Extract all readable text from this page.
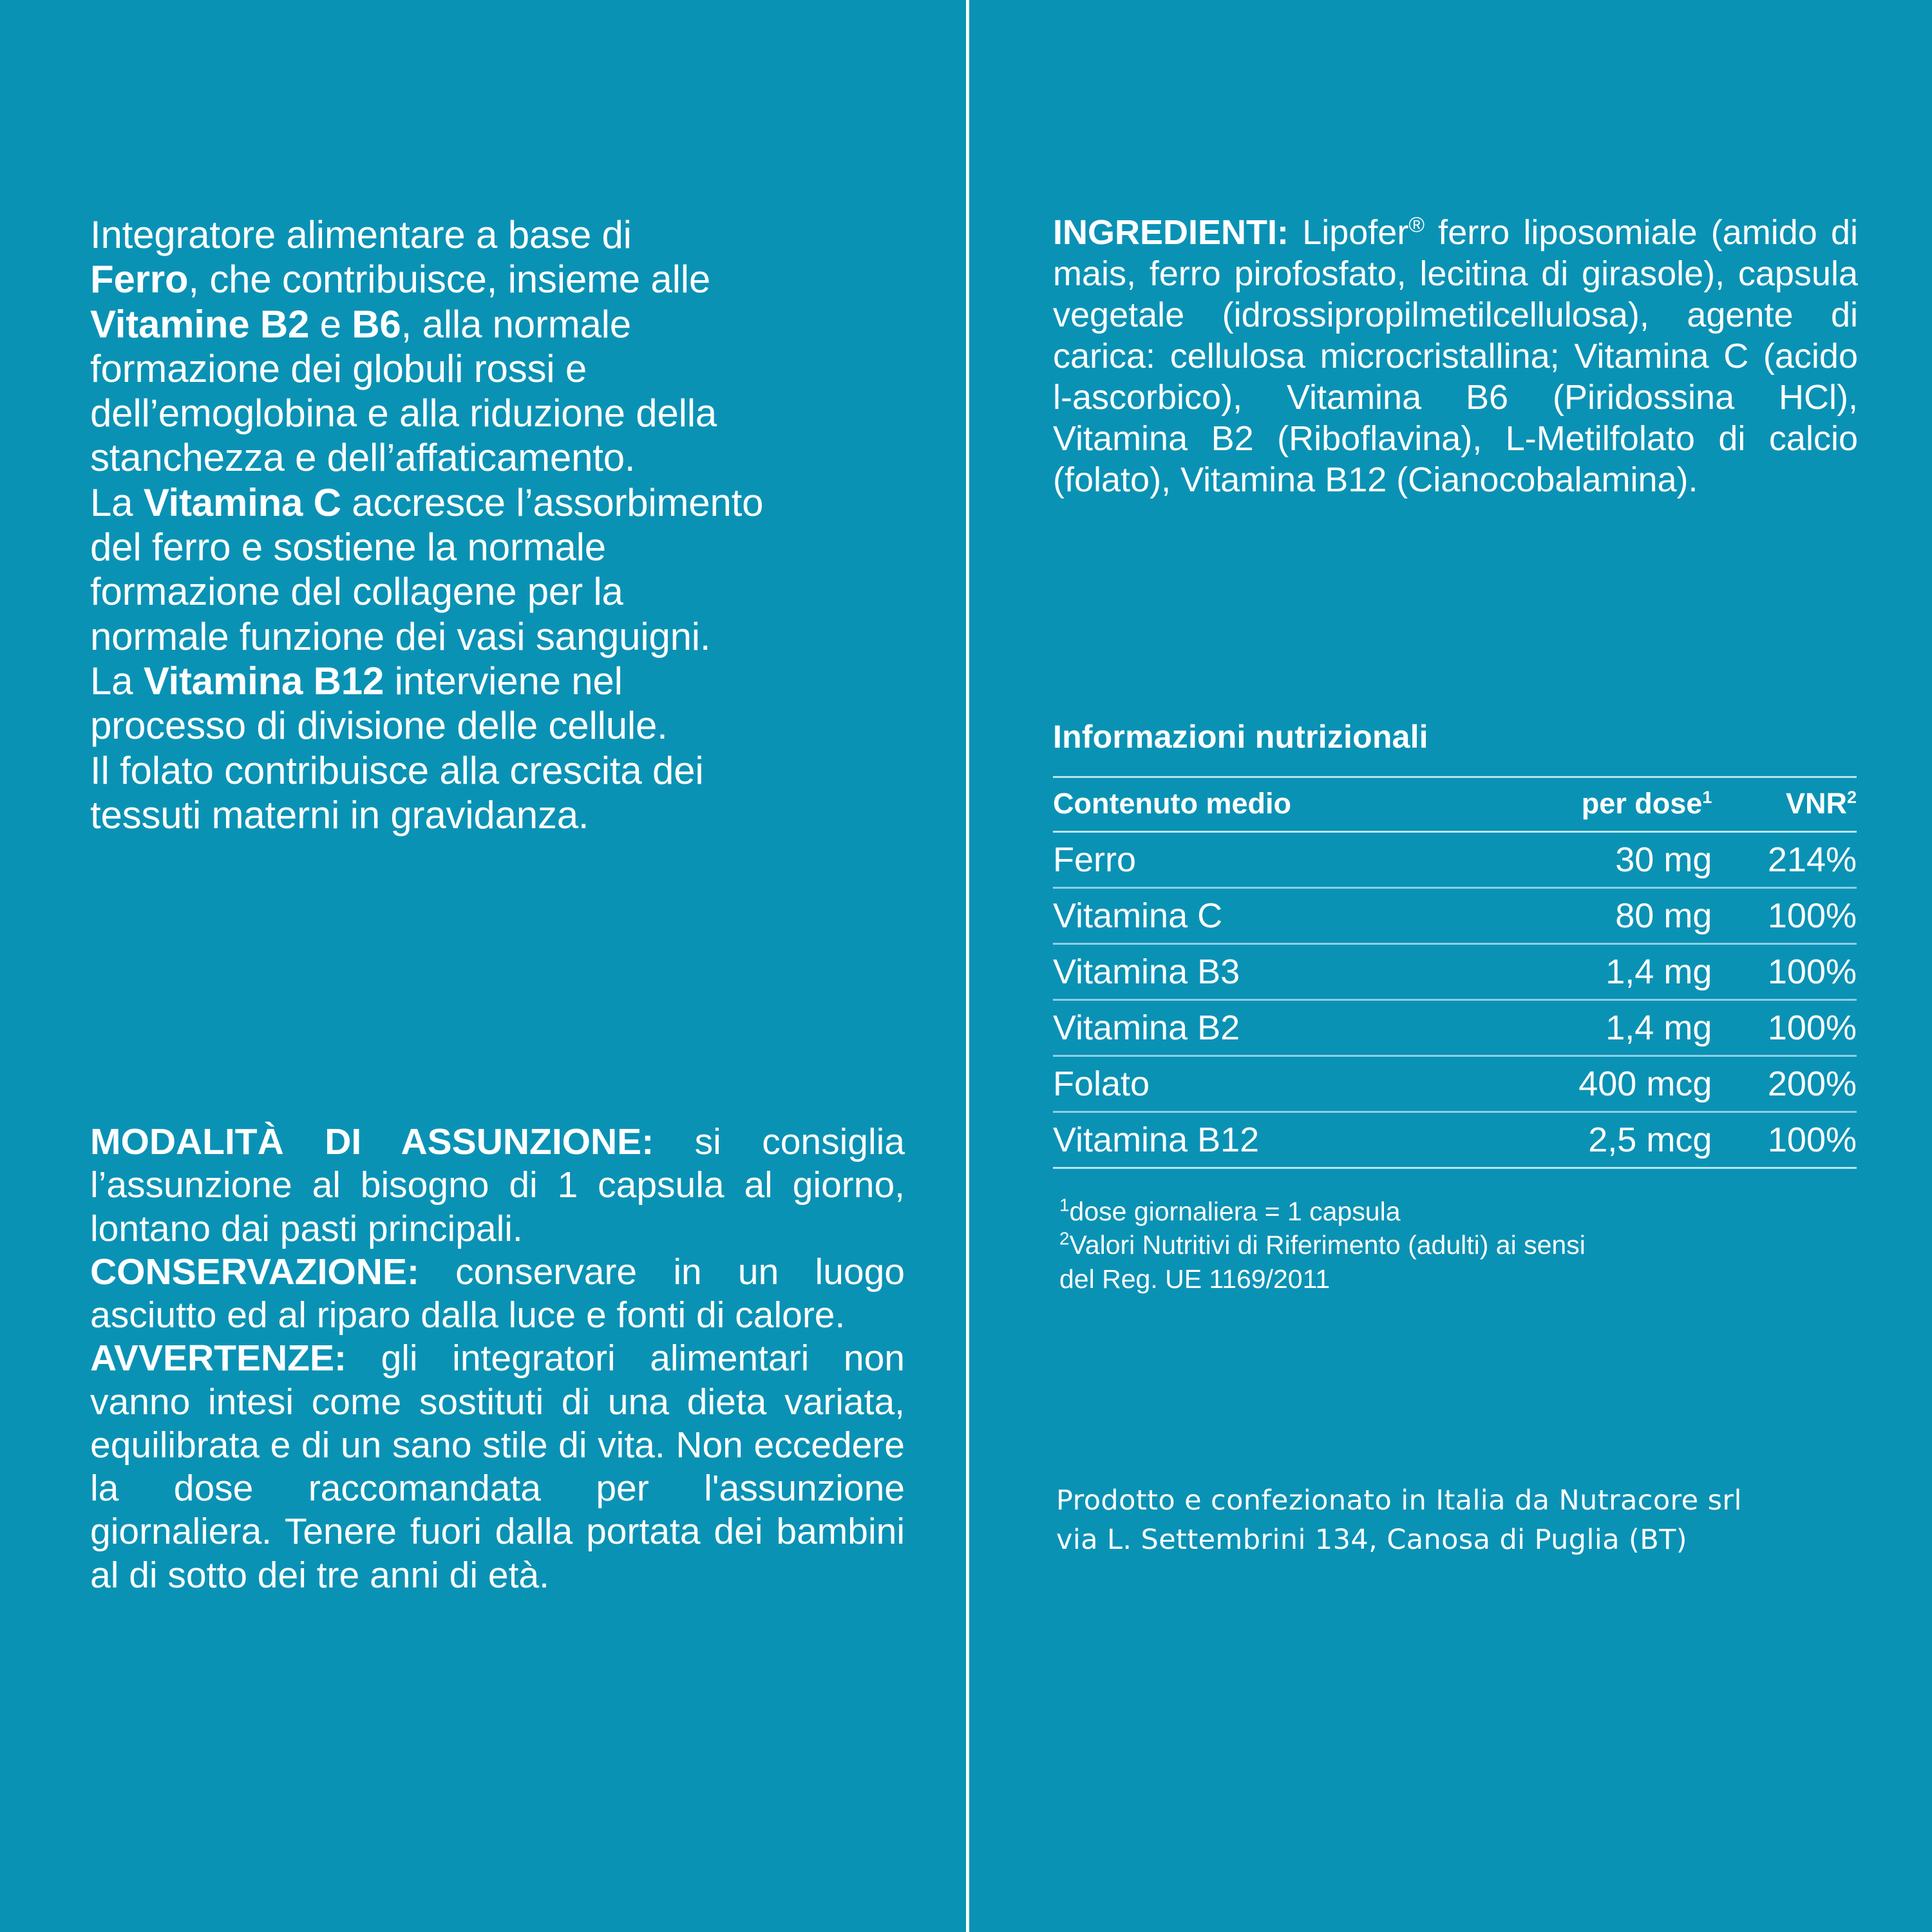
Integratore alimentare a base di
Ferro, che contribuisce, insieme alle
Vitamine B2 e B6, alla normale
formazione dei globuli rossi e
dell’emoglobina e alla riduzione della
stanchezza e dell’affaticamento.
La Vitamina C accresce l’assorbimento
del ferro e sostiene la normale
formazione del collagene per la
normale funzione dei vasi sanguigni.
La Vitamina B12 interviene nel
processo di divisione delle cellule.
Il folato contribuisce alla crescita dei
tessuti materni in gravidanza.

MODALITÀ DI ASSUNZIONE: si consiglia l’assunzione al bisogno di 1 capsula al giorno, lontano dai pasti principali.

CONSERVAZIONE: conservare in un luogo asciutto ed al riparo dalla luce e fonti di calore.

AVVERTENZE: gli integratori alimentari non vanno intesi come sostituti di una dieta variata, equilibrata e di un sano stile di vita. Non eccedere la dose raccomandata per l'assunzione giornaliera. Tenere fuori dalla portata dei bambini al di sotto dei tre anni di età.

INGREDIENTI: Lipofer® ferro liposomiale (amido di mais, ferro pirofosfato, lecitina di girasole), capsula vegetale (idrossipropilmetilcellulosa), agente di carica: cellulosa microcristallina; Vitamina C (acido l-ascorbico), Vitamina B6 (Piridossina HCl), Vitamina B2 (Riboflavina), L-Metilfolato di calcio (folato), Vitamina B12 (Cianocobalamina).

Informazioni nutrizionali
Contenuto medio	per dose$^1$	VNR$^2$
Ferro	30 mg	214%
Vitamina C	80 mg	100%
Vitamina B3	1,4 mg	100%
Vitamina B2	1,4 mg	100%
Folato	400 mcg	200%
Vitamina B12	2,5 mcg	100%
$^1$dose giornaliera = 1 capsula
$^2$Valori Nutritivi di Riferimento (adulti) ai sensi
del Reg. UE 1169/2011
Prodotto e confezionato in Italia da Nutracore srl
via L. Settembrini 134, Canosa di Puglia (BT)
